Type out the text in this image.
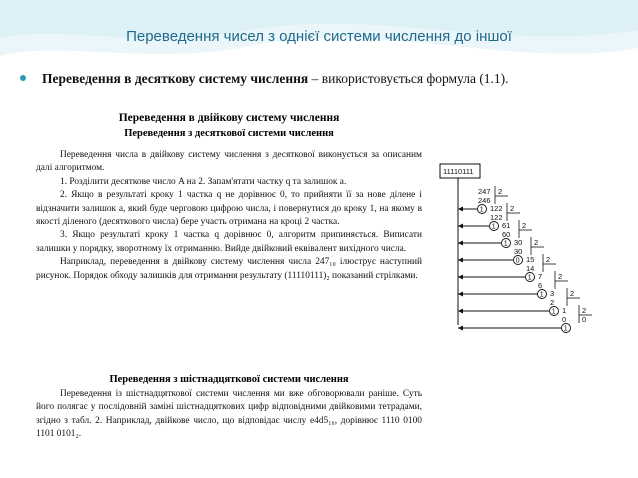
Переведення чисел з однієї системи числення до іншої
Переведення в десяткову систему числення – використовується формула (1.1).
Переведення в двійкову систему числення
Переведення з десяткової системи числення
Переведення числа в двійкову систему числення з десяткової виконується за описаним далі алгоритмом.
1. Розділити десяткове число A на 2. Запам'ятати частку q та залишок a.
2. Якщо в результаті кроку 1 частка q не дорівнює 0, то прийняти її за нове ділене і відзначити залишок a, який буде черговою цифрою числа, і повернутися до кроку 1, на якому в якості діленого (десяткового числа) бере участь отримана на кроці 2 частка.
3. Якщо результаті кроку 1 частка q дорівнює 0, алгоритм припиняється. Виписати залишки у порядку, зворотному їх отриманню. Вийде двійковий еквівалент вихідного числа.
Наприклад, переведення в двійкову систему числення числа 247₁₀ ілюструє наступний рисунок. Порядок обходу залишків для отримання результату (11110111)₂ показаний стрілками.
Переведення з шістнадцяткової системи числення
Переведення із шістнадцяткової системи числення ми вже обговорювали раніше. Суть його полягає у послідовній заміні шістнадцяткових цифр відповідними двійковими тетрадами, згідно з табл. 2. Наприклад, двійкове число, що відповідає числу e4d5₁₆, дорівнює 1110 0100 1101 0101₂.
11110111
247 2
246
1 122 2
122
1 61 2
60
1 30 2
30
0 15 2
14
1 7 2
6
1 3 2
2
1 1 2
0
1
0
